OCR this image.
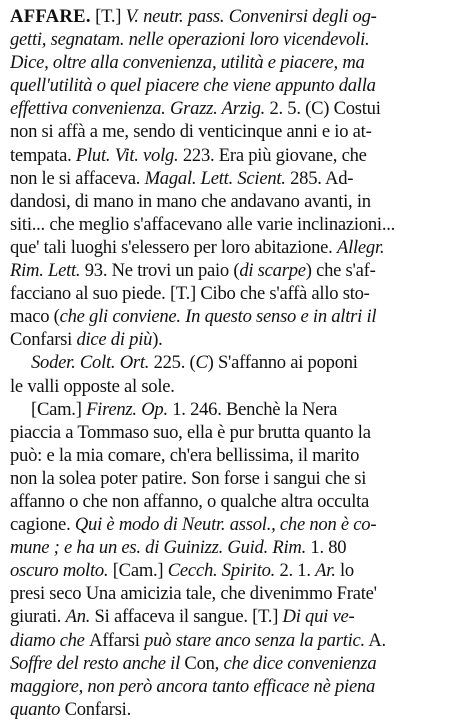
AFFARE. [T.] V. neutr. pass. Convenirsi degli og-
getti, segnatam. nelle operazioni loro vicendevoli.
Dice, oltre alla convenienza, utilità e piacere, ma
quell'utilità o quel piacere che viene appunto dalla
effettiva convenienza. Grazz. Arzig. 2. 5. (C) Costui
non si affà a me, sendo di venticinque anni e io at-
tempata. Plut. Vit. volg. 223. Era più giovane, che
non le si affaceva. Magal. Lett. Scient. 285. Ad-
dandosi, di mano in mano che andavano avanti, in
siti... che meglio s'affacevano alle varie inclinazioni...
que' tali luoghi s'elessero per loro abitazione. Allegr.
Rim. Lett. 93. Ne trovi un paio (di scarpe) che s'af-
facciano al suo piede. [T.] Cibo che s'affà allo sto-
maco (che gli conviene. In questo senso e in altri il
Confarsi dice di più).
Soder. Colt. Ort. 225. (C) S'affanno ai poponi
le valli opposte al sole.
[Cam.] Firenz. Op. 1. 246. Benchè la Nera
piaccia a Tommaso suo, ella è pur brutta quanto la
può: e la mia comare, ch'era bellissima, il marito
non la solea poter patire. Son forse i sangui che si
affanno o che non affanno, o qualche altra occulta
cagione. Qui è modo di Neutr. assol., che non è co-
mune ; e ha un es. di Guinizz. Guid. Rim. 1. 80
oscuro molto. [Cam.] Cecch. Spirito. 2. 1. Ar. lo
presi seco Una amicizia tale, che divenimmo Frate'
giurati. An. Si affaceva il sangue. [T.] Di qui ve-
diamo che Affarsi può stare anco senza la partic. A.
Soffre del resto anche il Con, che dice convenienza
maggiore, non però ancora tanto efficace nè piena
quanto Confarsi.
